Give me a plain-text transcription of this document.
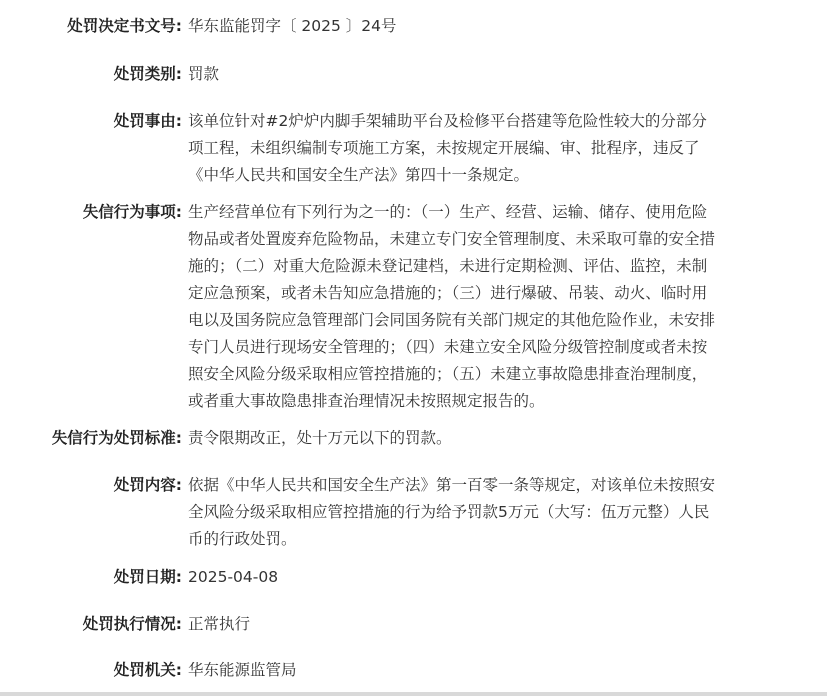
处罚决定书文号: 华东监能罚字〔 2025 〕24号
处罚类别: 罚款
处罚事由: 该单位针对#2炉炉内脚手架辅助平台及检修平台搭建等危险性较大的分部分项工程，未组织编制专项施工方案，未按规定开展编、审、批程序，违反了《中华人民共和国安全生产法》第四十一条规定。
失信行为事项: 生产经营单位有下列行为之一的：（一）生产、经营、运输、储存、使用危险物品或者处置废弃危险物品，未建立专门安全管理制度、未采取可靠的安全措施的；（二）对重大危险源未登记建档，未进行定期检测、评估、监控，未制定应急预案，或者未告知应急措施的；（三）进行爆破、吊装、动火、临时用电以及国务院应急管理部门会同国务院有关部门规定的其他危险作业，未安排专门人员进行现场安全管理的；（四）未建立安全风险分级管控制度或者未按照安全风险分级采取相应管控措施的；（五）未建立事故隐患排查治理制度，或者重大事故隐患排查治理情况未按照规定报告的。
失信行为处罚标准: 责令限期改正，处十万元以下的罚款。
处罚内容: 依据《中华人民共和国安全生产法》第一百零一条等规定，对该单位未按照安全风险分级采取相应管控措施的行为给予罚款5万元（大写：伍万元整）人民币的行政处罚。
处罚日期: 2025-04-08
处罚执行情况: 正常执行
处罚机关: 华东能源监管局
